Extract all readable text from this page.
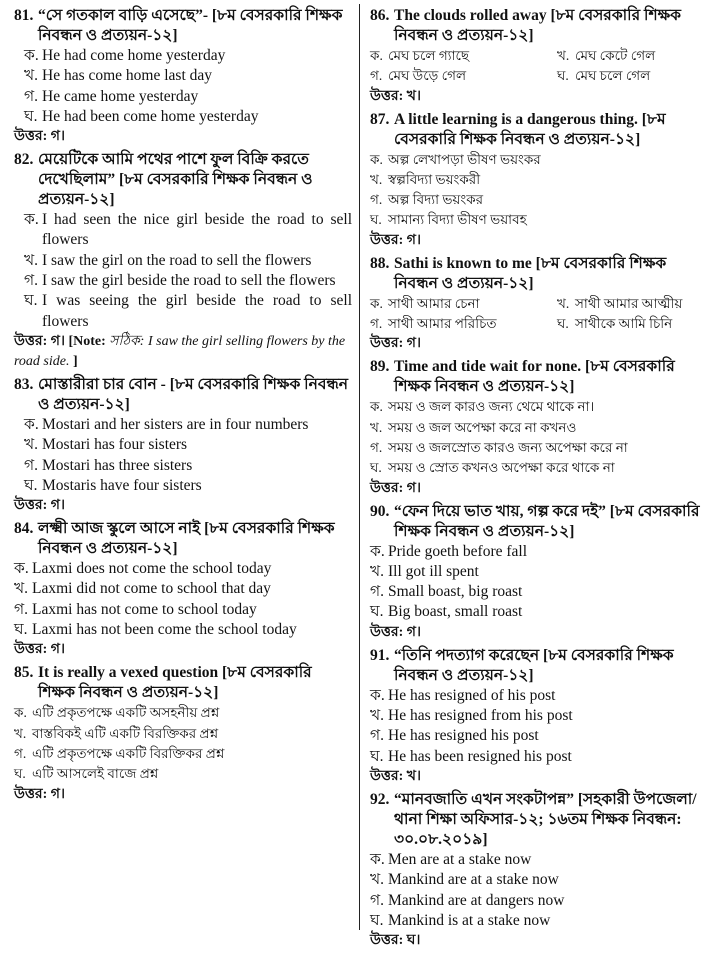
81. “সে গতকাল বাড়ি এসেছে”- [৮ম বেসরকারি শিক্ষক নিবন্ধন ও প্রত্যয়ন-১২]
ক. He had come home yesterday
খ. He has come home last day
গ. He came home yesterday
ঘ. He had been come home yesterday
উত্তর: গ।
82. মেয়েটিকে আমি পথের পাশে ফুল বিক্রি করতে দেখেছিলাম” [৮ম বেসরকারি শিক্ষক নিবন্ধন ও প্রত্যয়ন-১২]
ক. I had seen the nice girl beside the road to sell flowers
খ. I saw the girl on the road to sell the flowers
গ. I saw the girl beside the road to sell the flowers
ঘ. I was seeing the girl beside the road to sell flowers
উত্তর: গ। [Note: সঠিক: I saw the girl selling flowers by the road side. ]
83. মোস্তারীরা চার বোন - [৮ম বেসরকারি শিক্ষক নিবন্ধন ও প্রত্যয়ন-১২]
ক. Mostari and her sisters are in four numbers
খ. Mostari has four sisters
গ. Mostari has three sisters
ঘ. Mostaris have four sisters
উত্তর: গ।
84. লক্ষ্মী আজ স্কুলে আসে নাই [৮ম বেসরকারি শিক্ষক নিবন্ধন ও প্রত্যয়ন-১২]
ক. Laxmi does not come the school today
খ. Laxmi did not come to school that day
গ. Laxmi has not come to school today
ঘ. Laxmi has not been come the school today
উত্তর: গ।
85. It is really a vexed question [৮ম বেসরকারি শিক্ষক নিবন্ধন ও প্রত্যয়ন-১২]
ক. এটি প্রকৃতপক্ষে একটি অসহনীয় প্রশ্ন
খ. বাস্তবিকই এটি একটি বিরক্তিকর প্রশ্ন
গ. এটি প্রকৃতপক্ষে একটি বিরক্তিকর প্রশ্ন
ঘ. এটি আসলেই বাজে প্রশ্ন
উত্তর: গ।
86. The clouds rolled away [৮ম বেসরকারি শিক্ষক নিবন্ধন ও প্রত্যয়ন-১২]
ক. মেঘ চলে গ্যাছে	খ. মেঘ কেটে গেল
গ. মেঘ উড়ে গেল	ঘ. মেঘ চলে গেল
উত্তর: খ।
87. A little learning is a dangerous thing. [৮ম বেসরকারি শিক্ষক নিবন্ধন ও প্রত্যয়ন-১২]
ক. অল্প লেখাপড়া ভীষণ ভয়ংকর
খ. স্বল্পবিদ্যা ভয়ংকরী
গ. অল্প বিদ্যা ভয়ংকর
ঘ. সামান্য বিদ্যা ভীষণ ভয়াবহ
উত্তর: গ।
88. Sathi is known to me [৮ম বেসরকারি শিক্ষক নিবন্ধন ও প্রত্যয়ন-১২]
ক. সাথী আমার চেনা	খ. সাথী আমার আত্মীয়
গ. সাথী আমার পরিচিত	ঘ. সাথীকে আমি চিনি
উত্তর: গ।
89. Time and tide wait for none. [৮ম বেসরকারি শিক্ষক নিবন্ধন ও প্রত্যয়ন-১২]
ক. সময় ও জল কারও জন্য থেমে থাকে না।
খ. সময় ও জল অপেক্ষা করে না কখনও
গ. সময় ও জলস্রোত কারও জন্য অপেক্ষা করে না
ঘ. সময় ও স্রোত কখনও অপেক্ষা করে থাকে না
উত্তর: গ।
90. “ফেন দিয়ে ভাত খায়, গল্প করে দই” [৮ম বেসরকারি শিক্ষক নিবন্ধন ও প্রত্যয়ন-১২]
ক. Pride goeth before fall
খ. Ill got ill spent
গ. Small boast, big roast
ঘ. Big boast, small roast
উত্তর: গ।
91. “তিনি পদত্যাগ করেছেন [৮ম বেসরকারি শিক্ষক নিবন্ধন ও প্রত্যয়ন-১২]
ক. He has resigned of his post
খ. He has resigned from his post
গ. He has resigned his post
ঘ. He has been resigned his post
উত্তর: খ।
92. “মানবজাতি এখন সংকটাপন্ন” [সহকারী উপজেলা/ থানা শিক্ষা অফিসার-১২; ১৬তম শিক্ষক নিবন্ধন: ৩০.০৮.২০১৯]
ক. Men are at a stake now
খ. Mankind are at a stake now
গ. Mankind are at dangers now
ঘ. Mankind is at a stake now
উত্তর: ঘ।
